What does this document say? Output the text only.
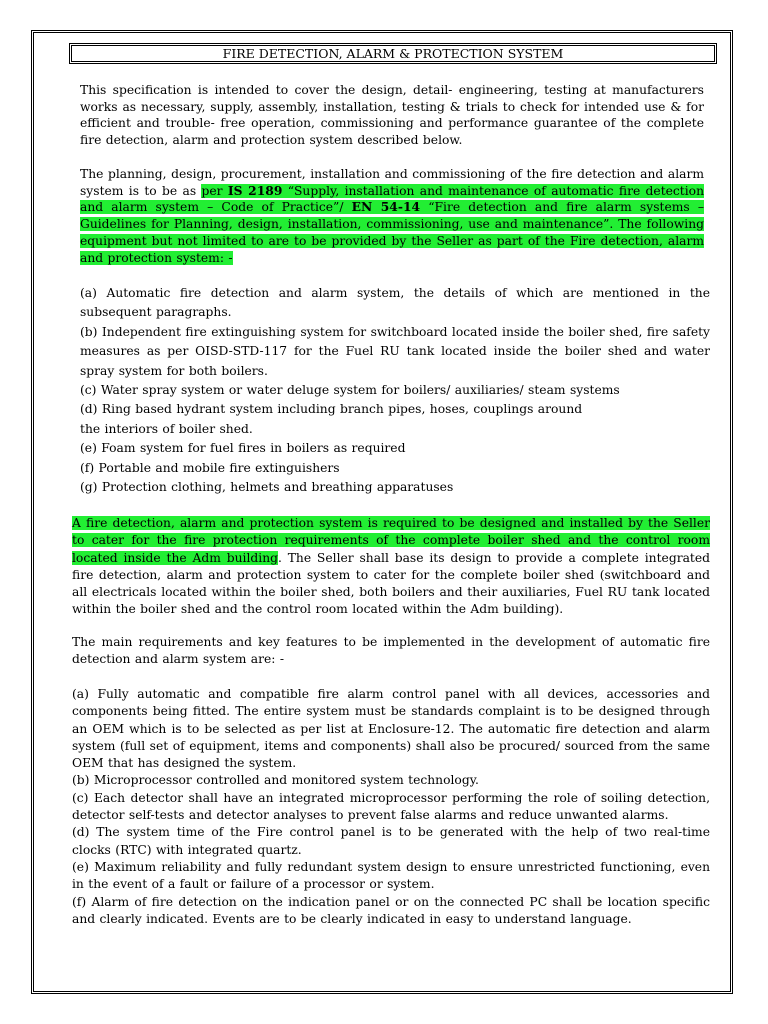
FIRE DETECTION, ALARM & PROTECTION SYSTEM

This specification is intended to cover the design, detail- engineering, testing at manufacturers works as necessary, supply, assembly, installation, testing & trials to check for intended use & for efficient and trouble- free operation, commissioning and performance guarantee of the complete fire detection, alarm and protection system described below.

The planning, design, procurement, installation and commissioning of the fire detection and alarm system is to be as per IS 2189 “Supply, installation and maintenance of automatic fire detection and alarm system – Code of Practice”/ EN 54-14 “Fire detection and fire alarm systems – Guidelines for Planning, design, installation, commissioning, use and maintenance”. The following equipment but not limited to are to be provided by the Seller as part of the Fire detection, alarm and protection system: -

(a) Automatic fire detection and alarm system, the details of which are mentioned in the subsequent paragraphs.

(b) Independent fire extinguishing system for switchboard located inside the boiler shed, fire safety measures as per OISD-STD-117 for the Fuel RU tank located inside the boiler shed and water spray system for both boilers.

(c) Water spray system or water deluge system for boilers/ auxiliaries/ steam systems

(d) Ring based hydrant system including branch pipes, hoses, couplings around

the interiors of boiler shed.

(e) Foam system for fuel fires in boilers as required

(f) Portable and mobile fire extinguishers

(g) Protection clothing, helmets and breathing apparatuses

A fire detection, alarm and protection system is required to be designed and installed by the Seller to cater for the fire protection requirements of the complete boiler shed and the control room located inside the Adm building. The Seller shall base its design to provide a complete integrated fire detection, alarm and protection system to cater for the complete boiler shed (switchboard and all electricals located within the boiler shed, both boilers and their auxiliaries, Fuel RU tank located within the boiler shed and the control room located within the Adm building).

The main requirements and key features to be implemented in the development of automatic fire detection and alarm system are: -

(a) Fully automatic and compatible fire alarm control panel with all devices, accessories and components being fitted. The entire system must be standards complaint is to be designed through an OEM which is to be selected as per list at Enclosure-12. The automatic fire detection and alarm system (full set of equipment, items and components) shall also be procured/ sourced from the same OEM that has designed the system.

(b) Microprocessor controlled and monitored system technology.

(c) Each detector shall have an integrated microprocessor performing the role of soiling detection, detector self-tests and detector analyses to prevent false alarms and reduce unwanted alarms.

(d) The system time of the Fire control panel is to be generated with the help of two real-time clocks (RTC) with integrated quartz.

(e) Maximum reliability and fully redundant system design to ensure unrestricted functioning, even in the event of a fault or failure of a processor or system.

(f) Alarm of fire detection on the indication panel or on the connected PC shall be location specific and clearly indicated. Events are to be clearly indicated in easy to understand language.
